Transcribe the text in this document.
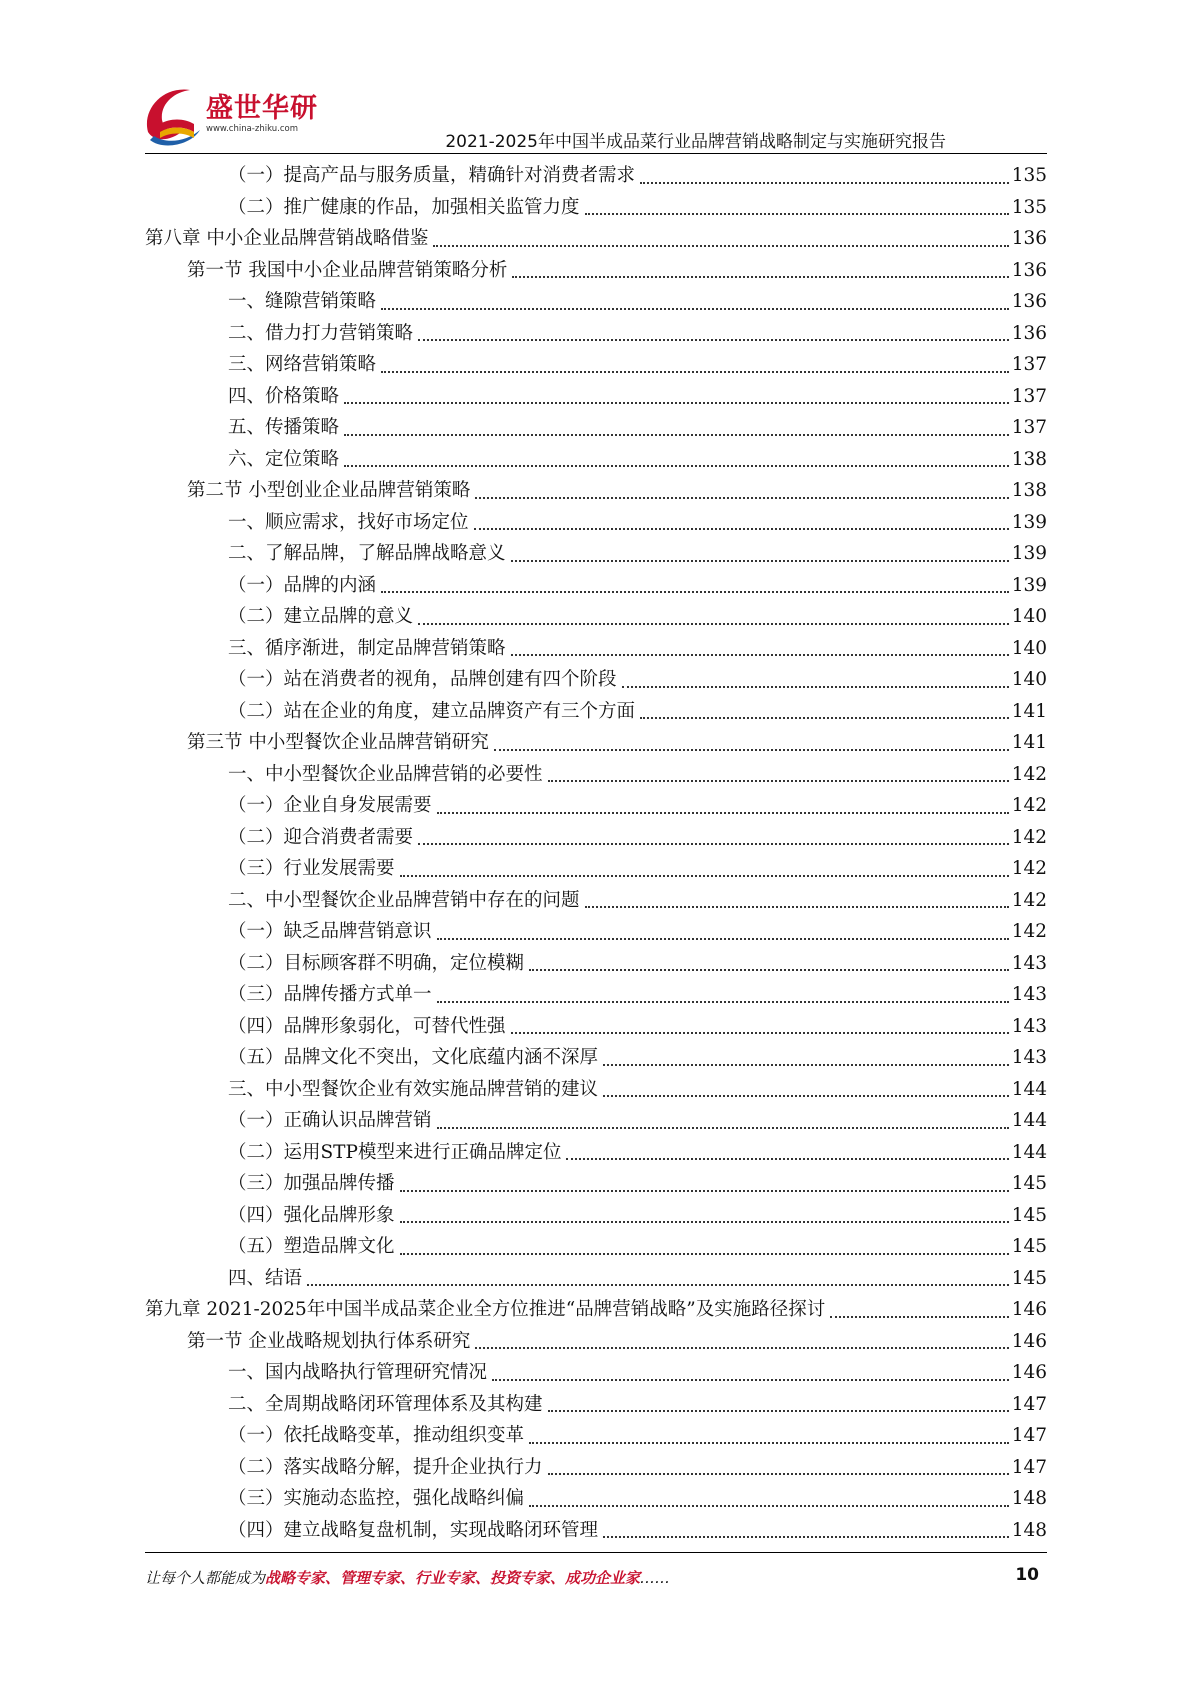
盛世华研
www.china-zhiku.com
2021-2025年中国半成品菜行业品牌营销战略制定与实施研究报告
（一）提高产品与服务质量，精确针对消费者需求	135
（二）推广健康的作品，加强相关监管力度	135
第八章 中小企业品牌营销战略借鉴	136
第一节 我国中小企业品牌营销策略分析	136
一、缝隙营销策略	136
二、借力打力营销策略	136
三、网络营销策略	137
四、价格策略	137
五、传播策略	137
六、定位策略	138
第二节 小型创业企业品牌营销策略	138
一、顺应需求，找好市场定位	139
二、了解品牌，了解品牌战略意义	139
（一）品牌的内涵	139
（二）建立品牌的意义	140
三、循序渐进，制定品牌营销策略	140
（一）站在消费者的视角，品牌创建有四个阶段	140
（二）站在企业的角度，建立品牌资产有三个方面	141
第三节 中小型餐饮企业品牌营销研究	141
一、中小型餐饮企业品牌营销的必要性	142
（一）企业自身发展需要	142
（二）迎合消费者需要	142
（三）行业发展需要	142
二、中小型餐饮企业品牌营销中存在的问题	142
（一）缺乏品牌营销意识	142
（二）目标顾客群不明确，定位模糊	143
（三）品牌传播方式单一	143
（四）品牌形象弱化，可替代性强	143
（五）品牌文化不突出，文化底蕴内涵不深厚	143
三、中小型餐饮企业有效实施品牌营销的建议	144
（一）正确认识品牌营销	144
（二）运用STP模型来进行正确品牌定位	144
（三）加强品牌传播	145
（四）强化品牌形象	145
（五）塑造品牌文化	145
四、结语	145
第九章 2021-2025年中国半成品菜企业全方位推进“品牌营销战略”及实施路径探讨	146
第一节 企业战略规划执行体系研究	146
一、国内战略执行管理研究情况	146
二、全周期战略闭环管理体系及其构建	147
（一）依托战略变革，推动组织变革	147
（二）落实战略分解，提升企业执行力	147
（三）实施动态监控，强化战略纠偏	148
（四）建立战略复盘机制，实现战略闭环管理	148
让每个人都能成为战略专家、管理专家、行业专家、投资专家、成功企业家……	10
